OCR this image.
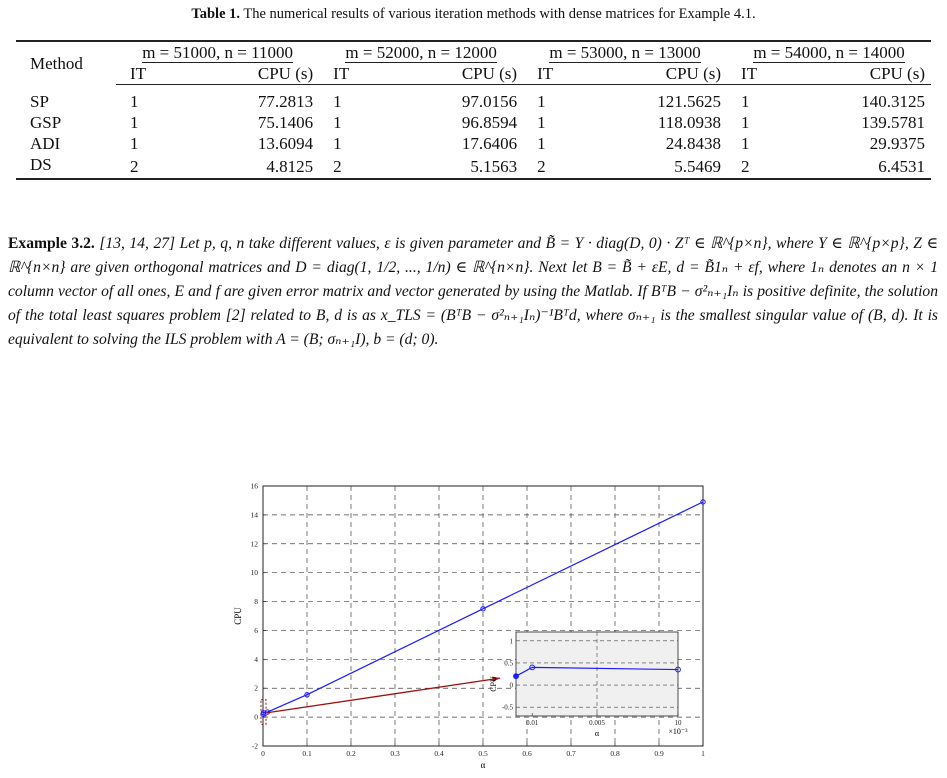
Table 1. The numerical results of various iteration methods with dense matrices for Example 4.1.
Method	m = 51000, n = 11000		m = 52000, n = 12000		m = 53000, n = 13000		m = 54000, n = 14000	
	IT	CPU (s)	IT	CPU (s)	IT	CPU (s)	IT	CPU (s)
SP	1	77.2813	1	97.0156	1	121.5625	1	140.3125
GSP	1	75.1406	1	96.8594	1	118.0938	1	139.5781
ADI	1	13.6094	1	17.6406	1	24.8438	1	29.9375
DS	2	4.8125	2	5.1563	2	5.5469	2	6.4531
Example 3.2. [13, 14, 27] Let p, q, n take different values, ε is given parameter and B̃ = Y · diag(D, 0) · Zᵀ ∈ ℝ^{p×n}, where Y ∈ ℝ^{p×p}, Z ∈ ℝ^{n×n} are given orthogonal matrices and D = diag(1, 1/2, ..., 1/n) ∈ ℝ^{n×n}. Next let B = B̃ + εE, d = B̃1ₙ + εf, where 1ₙ denotes an n × 1 column vector of all ones, E and f are given error matrix and vector generated by using the Matlab. If BᵀB − σ²ₙ₊₁Iₙ is positive definite, the solution of the total least squares problem [2] related to B, d is as x_TLS = (BᵀB − σ²ₙ₊₁Iₙ)⁻¹Bᵀd, where σₙ₊₁ is the smallest singular value of (B, d). It is equivalent to solving the ILS problem with A = (B; σₙ₊₁I), b = (d; 0).
0	0.1	0.2	0.3	0.4	0.5	0.6	0.7	0.8	0.9	1
-2
0
2
4
6
8
10
12
14
16
α
CPU
0.01	0.005	10
-0.5
0
0.5
1
α
CPU
×10⁻³
